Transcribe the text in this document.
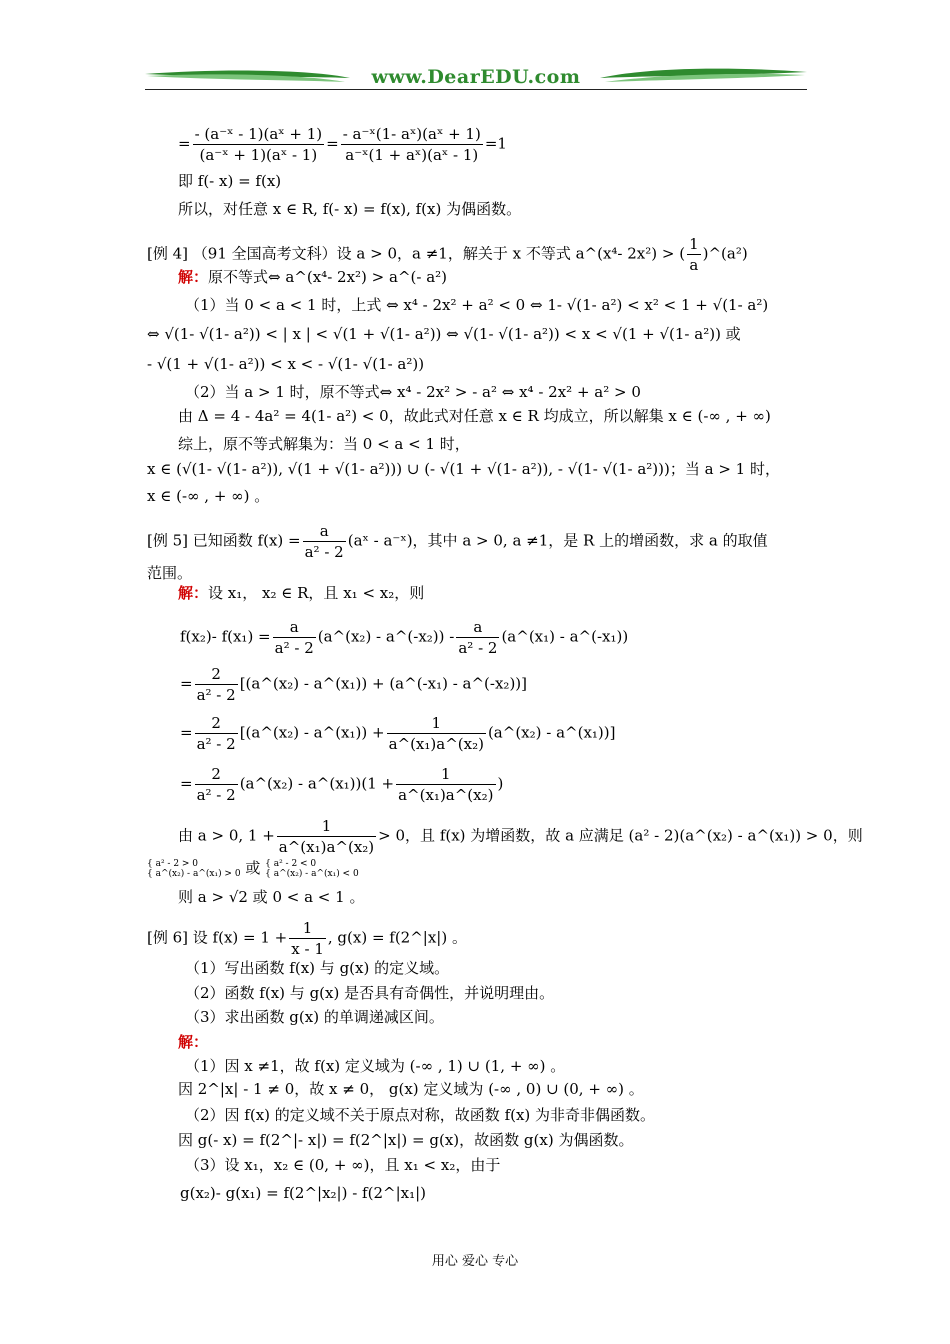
www.DearEDU.com
= $\frac{\text{- (a⁻ˣ - 1)(aˣ + 1)}}{\text{(a⁻ˣ + 1)(aˣ - 1)}} = \frac{\text{- a⁻ˣ(1- aˣ)(aˣ + 1)}}{\text{a⁻ˣ(1 + aˣ)(aˣ - 1)}} =1$
即 f(- x) = f(x)
所以，对任意 x ∈ R, f(- x) = f(x), f(x) 为偶函数。
[例 4] （91 全国高考文科）设 a > 0，a ≠1，解关于 x 不等式 a^(x⁴- 2x²) > ( $\frac{1}{a}$ )^(a²)
解：原不等式⇔ a^(x⁴- 2x²) > a^(- a²)
（1）当 0 < a < 1 时，上式 ⇔ x⁴ - 2x² + a² < 0 ⇔ 1- √(1- a²) < x² < 1 + √(1- a²)
⇔ √(1- √(1- a²)) < | x | < √(1 + √(1- a²)) ⇔ √(1- √(1- a²)) < x < √(1 + √(1- a²)) 或
- √(1 + √(1- a²)) < x < - √(1- √(1- a²))
（2）当 a > 1 时，原不等式⇔ x⁴ - 2x² > - a² ⇔ x⁴ - 2x² + a² > 0
由 Δ = 4 - 4a² = 4(1- a²) < 0，故此式对任意 x ∈ R 均成立，所以解集 x ∈ (-∞ , + ∞)
综上，原不等式解集为：当 0 < a < 1 时，
x ∈ (√(1- √(1- a²)), √(1 + √(1- a²))) ∪ (- √(1 + √(1- a²)), - √(1- √(1- a²)))；当 a > 1 时，
x ∈ (-∞ , + ∞) 。
[例 5] 已知函数 $f(x) = \frac{a}{\text{a² - 2}}$ (aˣ - a⁻ˣ)，其中 a > 0, a ≠1，是 R 上的增函数，求 a 的取值
范围。
解：设 x₁， x₂ ∈ R，且 x₁ < x₂，则
f(x₂)- $f(x_1) = \frac{a}{\text{a² - 2}}$ (a^(x₂) - a^(-x₂)) - $\frac{a}{\text{a² - 2}}$ (a^(x₁) - a^(-x₁))
= $\frac{2}{\text{a² - 2}}$ [(a^(x₂) - a^(x₁)) + (a^(-x₁) - a^(-x₂))]
= $\frac{2}{\text{a² - 2}}$ [(a^(x₂) - a^(x₁)) + $\frac{1}{\text{a\textasciicircum{}(x₁)a\textasciicircum{}(x₂)}}$ (a^(x₂) - a^(x₁))]
= $\frac{2}{\text{a² - 2}}$ (a^(x₂) - a^(x₁))(1 + $\frac{1}{\text{a\textasciicircum{}(x₁)a\textasciicircum{}(x₂)}}$ )
由 a > 0, $1 + \frac{1}{\text{a\textasciicircum{}(x₁)a\textasciicircum{}(x₂)}} > 0$，且 f(x) 为增函数，故 a 应满足 (a² - 2)(a^(x₂) - a^(x₁)) > 0，则
{ a² - 2 > 0
{ a^(x₂) - a^(x₁) > 0 或 { a² - 2 < 0
{ a^(x₂) - a^(x₁) < 0
则 a > √2 或 0 < a < 1 。
[例 6] 设 $f(x) = 1 + \frac{1}{x - 1}$ , g(x) = f(2^|x|) 。
（1）写出函数 f(x) 与 g(x) 的定义域。
（2）函数 f(x) 与 g(x) 是否具有奇偶性，并说明理由。
（3）求出函数 g(x) 的单调递减区间。
解：
（1）因 x ≠1，故 f(x) 定义域为 (-∞ , 1) ∪ (1, + ∞) 。
因 2^|x| - 1 ≠ 0，故 x ≠ 0， g(x) 定义域为 (-∞ , 0) ∪ (0, + ∞) 。
（2）因 f(x) 的定义域不关于原点对称，故函数 f(x) 为非奇非偶函数。
因 g(- x) = f(2^|- x|) = f(2^|x|) = g(x)，故函数 g(x) 为偶函数。
（3）设 x₁，x₂ ∈ (0, + ∞)，且 x₁ < x₂，由于
g(x₂)- g(x₁) = f(2^|x₂|) - f(2^|x₁|)
用心 爱心 专心
